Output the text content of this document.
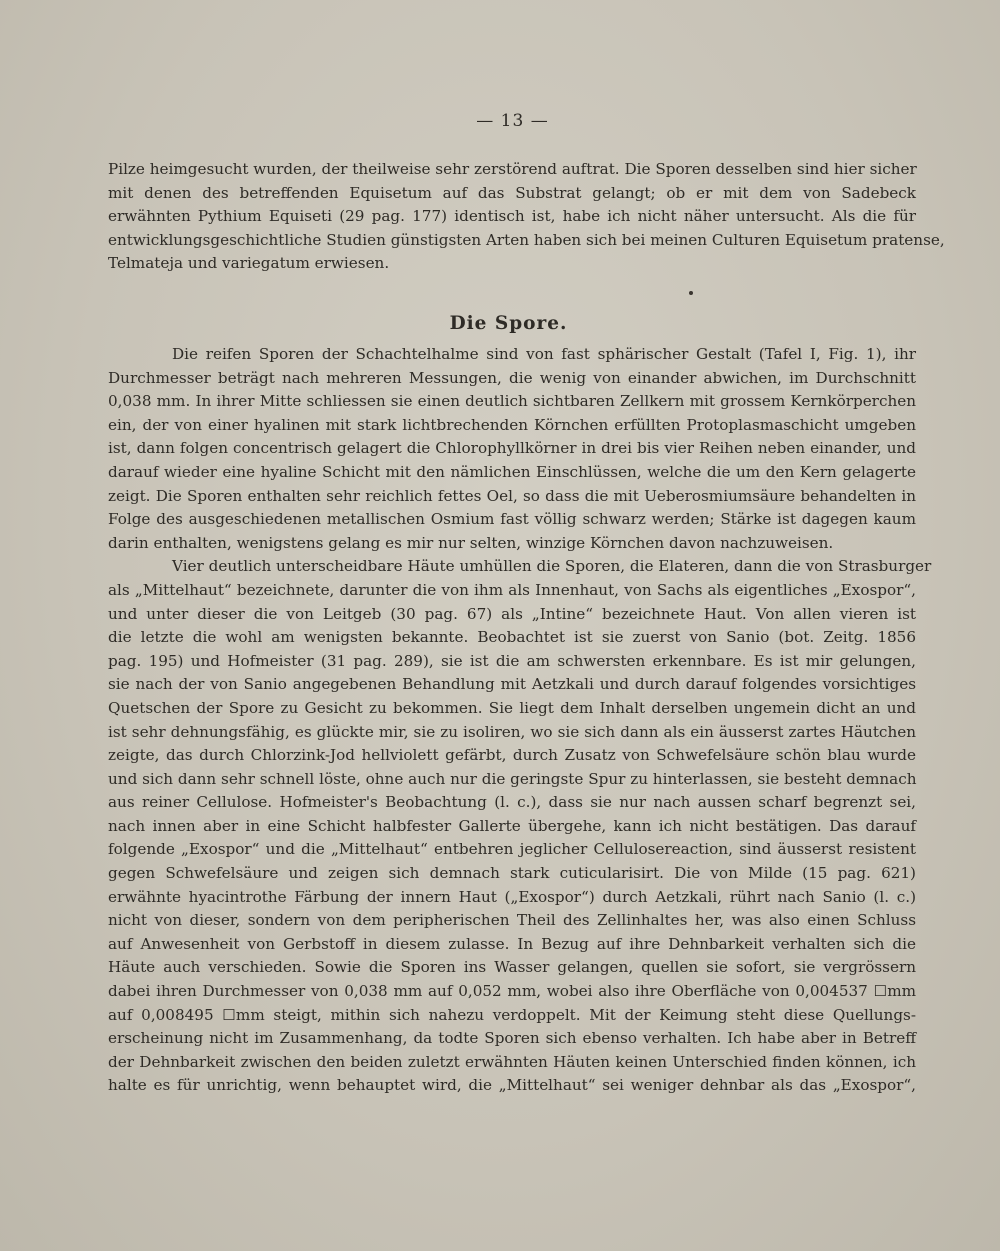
— 13 —
Pilze heimgesucht wurden, der theilweise sehr zerstörend auftrat. Die Sporen desselben sind hier sicher
mit denen des betreffenden Equisetum auf das Substrat gelangt; ob er mit dem von Sadebeck
erwähnten Pythium Equiseti (29 pag. 177) identisch ist, habe ich nicht näher untersucht. Als die für
entwicklungsgeschichtliche Studien günstigsten Arten haben sich bei meinen Culturen Equisetum pratense,
Telmateja und variegatum erwiesen.
Die Spore.
Die reifen Sporen der Schachtelhalme sind von fast sphärischer Gestalt (Tafel I, Fig. 1), ihr
Durchmesser beträgt nach mehreren Messungen, die wenig von einander abwichen, im Durchschnitt
0,038 mm. In ihrer Mitte schliessen sie einen deutlich sichtbaren Zellkern mit grossem Kernkörperchen
ein, der von einer hyalinen mit stark lichtbrechenden Körnchen erfüllten Protoplasmaschicht umgeben
ist, dann folgen concentrisch gelagert die Chlorophyllkörner in drei bis vier Reihen neben einander, und
darauf wieder eine hyaline Schicht mit den nämlichen Einschlüssen, welche die um den Kern gelagerte
zeigt. Die Sporen enthalten sehr reichlich fettes Oel, so dass die mit Ueberosmiumsäure behandelten in
Folge des ausgeschiedenen metallischen Osmium fast völlig schwarz werden; Stärke ist dagegen kaum
darin enthalten, wenigstens gelang es mir nur selten, winzige Körnchen davon nachzuweisen.
Vier deutlich unterscheidbare Häute umhüllen die Sporen, die Elateren, dann die von Strasburger
als „Mittelhaut“ bezeichnete, darunter die von ihm als Innenhaut, von Sachs als eigentliches „Exospor“,
und unter dieser die von Leitgeb (30 pag. 67) als „Intine“ bezeichnete Haut. Von allen vieren ist
die letzte die wohl am wenigsten bekannte. Beobachtet ist sie zuerst von Sanio (bot. Zeitg. 1856
pag. 195) und Hofmeister (31 pag. 289), sie ist die am schwersten erkennbare. Es ist mir gelungen,
sie nach der von Sanio angegebenen Behandlung mit Aetzkali und durch darauf folgendes vorsichtiges
Quetschen der Spore zu Gesicht zu bekommen. Sie liegt dem Inhalt derselben ungemein dicht an und
ist sehr dehnungsfähig, es glückte mir, sie zu isoliren, wo sie sich dann als ein äusserst zartes Häutchen
zeigte, das durch Chlorzink-Jod hellviolett gefärbt, durch Zusatz von Schwefelsäure schön blau wurde
und sich dann sehr schnell löste, ohne auch nur die geringste Spur zu hinterlassen, sie besteht demnach
aus reiner Cellulose. Hofmeister's Beobachtung (l. c.), dass sie nur nach aussen scharf begrenzt sei,
nach innen aber in eine Schicht halbfester Gallerte übergehe, kann ich nicht bestätigen. Das darauf
folgende „Exospor“ und die „Mittelhaut“ entbehren jeglicher Cellulosereaction, sind äusserst resistent
gegen Schwefelsäure und zeigen sich demnach stark cuticularisirt. Die von Milde (15 pag. 621)
erwähnte hyacintrothe Färbung der innern Haut („Exospor“) durch Aetzkali, rührt nach Sanio (l. c.)
nicht von dieser, sondern von dem peripherischen Theil des Zellinhaltes her, was also einen Schluss
auf Anwesenheit von Gerbstoff in diesem zulasse. In Bezug auf ihre Dehnbarkeit verhalten sich die
Häute auch verschieden. Sowie die Sporen ins Wasser gelangen, quellen sie sofort, sie vergrössern
dabei ihren Durchmesser von 0,038 mm auf 0,052 mm, wobei also ihre Oberfläche von 0,004537 ☐mm
auf 0,008495 ☐mm steigt, mithin sich nahezu verdoppelt. Mit der Keimung steht diese Quellungs-
erscheinung nicht im Zusammenhang, da todte Sporen sich ebenso verhalten. Ich habe aber in Betreff
der Dehnbarkeit zwischen den beiden zuletzt erwähnten Häuten keinen Unterschied finden können, ich
halte es für unrichtig, wenn behauptet wird, die „Mittelhaut“ sei weniger dehnbar als das „Exospor“,
